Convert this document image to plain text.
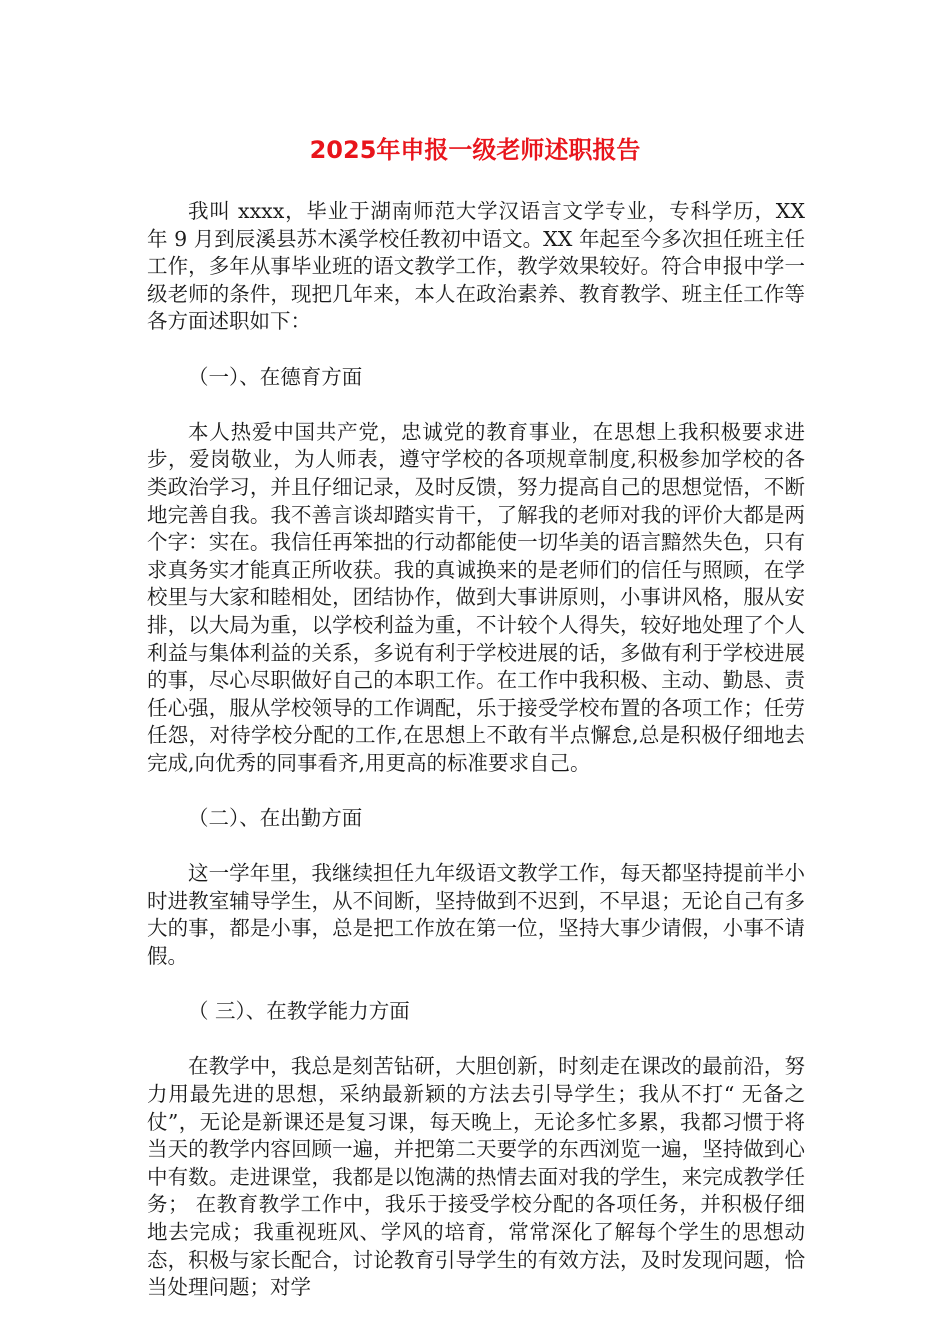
2025年申报一级老师述职报告

我叫 xxxx，毕业于湖南师范大学汉语言文学专业，专科学历，XX 年 9 月到辰溪县苏木溪学校任教初中语文。XX 年起至今多次担任班主任工作，多年从事毕业班的语文教学工作，教学效果较好。符合申报中学一级老师的条件，现把几年来，本人在政治素养、教育教学、班主任工作等各方面述职如下：

（一）、在德育方面

本人热爱中国共产党，忠诚党的教育事业，在思想上我积极要求进步，爱岗敬业，为人师表，遵守学校的各项规章制度,积极参加学校的各类政治学习，并且仔细记录，及时反馈，努力提高自己的思想觉悟，不断地完善自我。我不善言谈却踏实肯干，了解我的老师对我的评价大都是两个字：实在。我信任再笨拙的行动都能使一切华美的语言黯然失色，只有求真务实才能真正所收获。我的真诚换来的是老师们的信任与照顾，在学校里与大家和睦相处，团结协作，做到大事讲原则，小事讲风格，服从安排，以大局为重，以学校利益为重，不计较个人得失，较好地处理了个人利益与集体利益的关系，多说有利于学校进展的话，多做有利于学校进展的事，尽心尽职做好自己的本职工作。在工作中我积极、主动、勤恳、责任心强，服从学校领导的工作调配，乐于接受学校布置的各项工作；任劳任怨，对待学校分配的工作,在思想上不敢有半点懈怠,总是积极仔细地去完成,向优秀的同事看齐,用更高的标准要求自己。

（二）、在出勤方面

这一学年里，我继续担任九年级语文教学工作，每天都坚持提前半小时进教室辅导学生，从不间断，坚持做到不迟到，不早退；无论自己有多大的事，都是小事，总是把工作放在第一位，坚持大事少请假，小事不请假。

（ 三）、在教学能力方面

在教学中，我总是刻苦钻研，大胆创新，时刻走在课改的最前沿，努力用最先进的思想，采纳最新颖的方法去引导学生；我从不打“ 无备之仗”，无论是新课还是复习课，每天晚上，无论多忙多累，我都习惯于将当天的教学内容回顾一遍，并把第二天要学的东西浏览一遍，坚持做到心中有数。走进课堂，我都是以饱满的热情去面对我的学生，来完成教学任务； 在教育教学工作中，我乐于接受学校分配的各项任务，并积极仔细地去完成；我重视班风、学风的培育，常常深化了解每个学生的思想动态，积极与家长配合，讨论教育引导学生的有效方法，及时发现问题，恰当处理问题；对学
